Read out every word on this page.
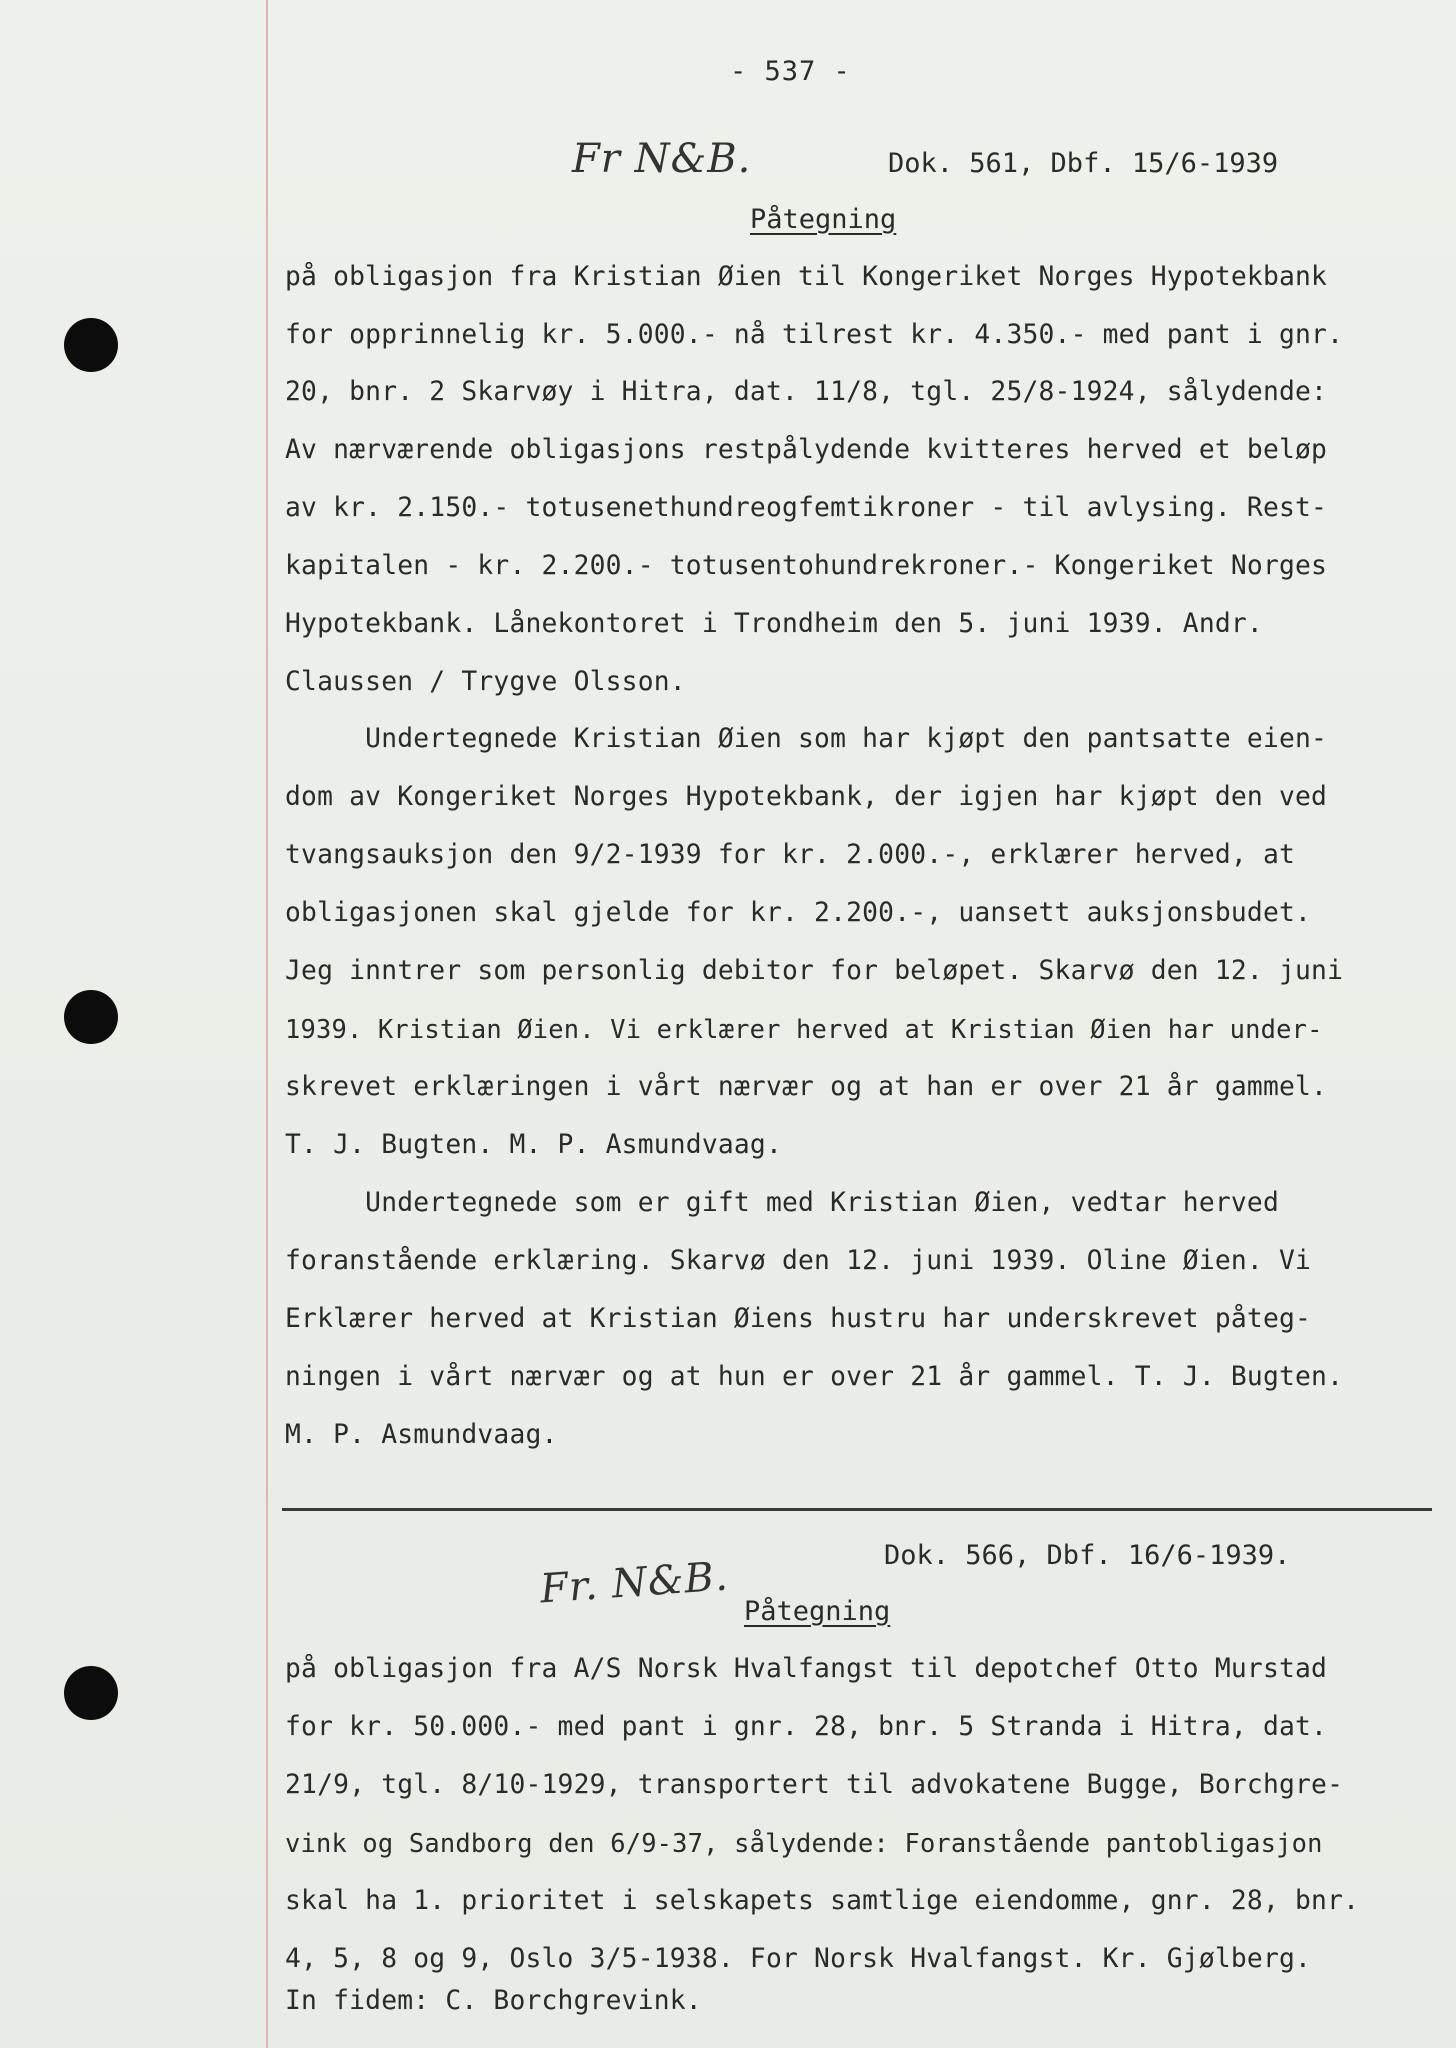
- 537 -
Fr N&B.	Dok. 561, Dbf. 15/6-1939
Påtegning
på obligasjon fra Kristian Øien til Kongeriket Norges Hypotekbank
for opprinnelig kr. 5.000.- nå tilrest kr. 4.350.- med pant i gnr.
20, bnr. 2 Skarvøy i Hitra, dat. 11/8, tgl. 25/8-1924, sålydende:
Av nærværende obligasjons restpålydende kvitteres herved et beløp
av kr. 2.150.- totusenethundreogfemtikroner - til avlysing. Rest-
kapitalen - kr. 2.200.- totusentohundrekroner.- Kongeriket Norges
Hypotekbank. Lånekontoret i Trondheim den 5. juni 1939. Andr.
Claussen / Trygve Olsson.
Undertegnede Kristian Øien som har kjøpt den pantsatte eien-
dom av Kongeriket Norges Hypotekbank, der igjen har kjøpt den ved
tvangsauksjon den 9/2-1939 for kr. 2.000.-, erklærer herved, at
obligasjonen skal gjelde for kr. 2.200.-, uansett auksjonsbudet.
Jeg inntrer som personlig debitor for beløpet. Skarvø den 12. juni
1939. Kristian Øien. Vi erklærer herved at Kristian Øien har under-
skrevet erklæringen i vårt nærvær og at han er over 21 år gammel.
T. J. Bugten. M. P. Asmundvaag.
Undertegnede som er gift med Kristian Øien, vedtar herved
foranstående erklæring. Skarvø den 12. juni 1939. Oline Øien. Vi
Erklærer herved at Kristian Øiens hustru har underskrevet påteg-
ningen i vårt nærvær og at hun er over 21 år gammel. T. J. Bugten.
M. P. Asmundvaag.
Fr. N&B.	Dok. 566, Dbf. 16/6-1939.
Påtegning
på obligasjon fra A/S Norsk Hvalfangst til depotchef Otto Murstad
for kr. 50.000.- med pant i gnr. 28, bnr. 5 Stranda i Hitra, dat.
21/9, tgl. 8/10-1929, transportert til advokatene Bugge, Borchgre-
vink og Sandborg den 6/9-37, sålydende: Foranstående pantobligasjon
skal ha 1. prioritet i selskapets samtlige eiendomme, gnr. 28, bnr.
4, 5, 8 og 9, Oslo 3/5-1938. For Norsk Hvalfangst. Kr. Gjølberg.
In fidem: C. Borchgrevink.
